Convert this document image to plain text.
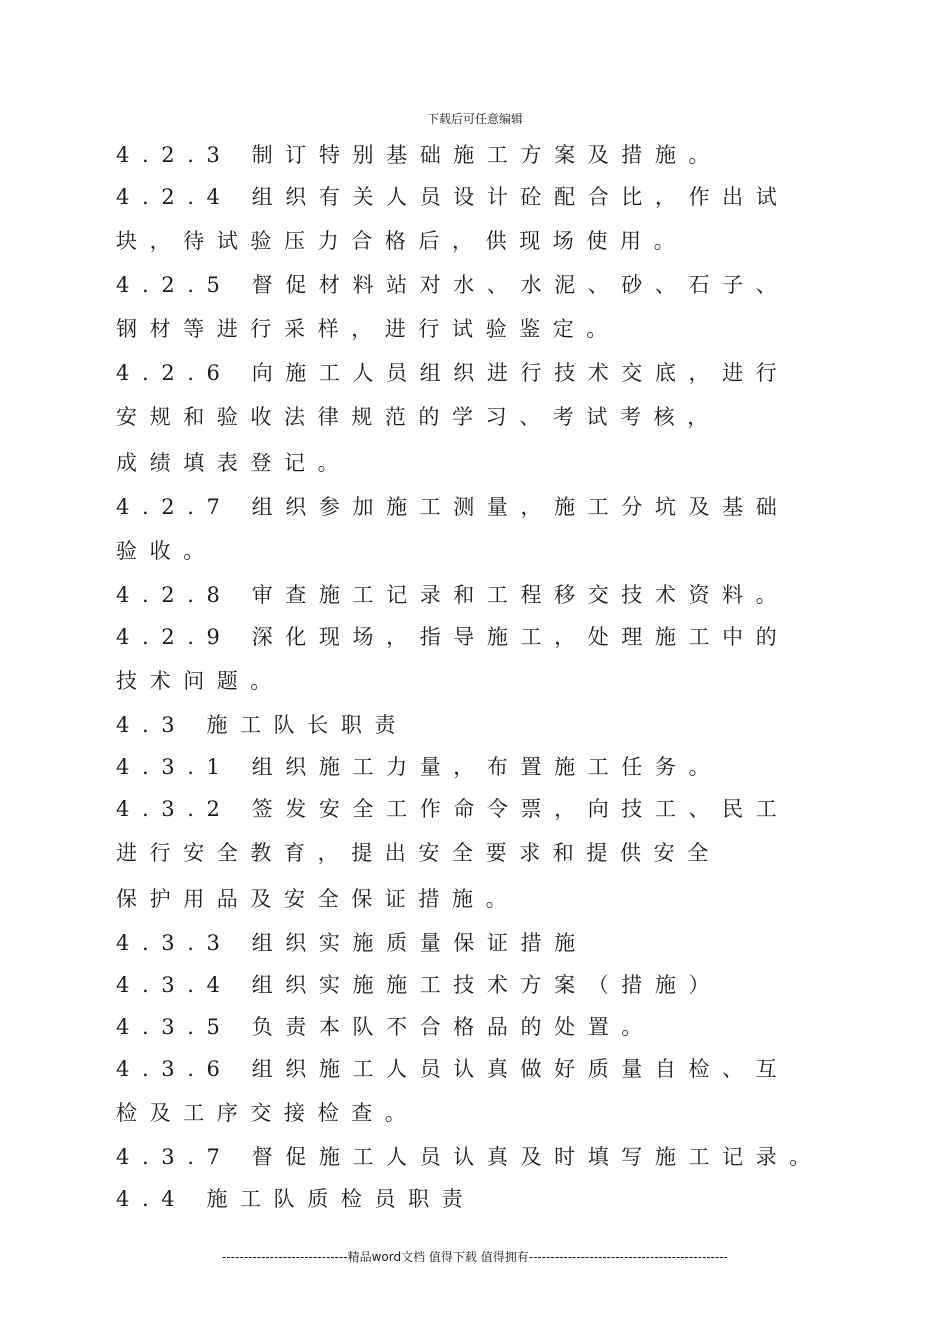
下载后可任意编辑
4.2.3 制订特别基础施工方案及措施。
4.2.4 组织有关人员设计砼配合比，作出试
块，待试验压力合格后，供现场使用。
4.2.5 督促材料站对水、水泥、砂、石子、
钢材等进行采样，进行试验鉴定。
4.2.6 向施工人员组织进行技术交底，进行
安规和验收法律规范的学习、考试考核，
成绩填表登记。
4.2.7 组织参加施工测量，施工分坑及基础
验收。
4.2.8 审查施工记录和工程移交技术资料。
4.2.9 深化现场，指导施工，处理施工中的
技术问题。
4.3 施工队长职责
4.3.1 组织施工力量，布置施工任务。
4.3.2 签发安全工作命令票，向技工、民工
进行安全教育，提出安全要求和提供安全
保护用品及安全保证措施。
4.3.3 组织实施质量保证措施
4.3.4 组织实施施工技术方案（措施）
4.3.5 负责本队不合格品的处置。
4.3.6 组织施工人员认真做好质量自检、互
检及工序交接检查。
4.3.7 督促施工人员认真及时填写施工记录。
4.4 施工队质检员职责
-----------------------------精品word文档 值得下载 值得拥有----------------------------------------------
